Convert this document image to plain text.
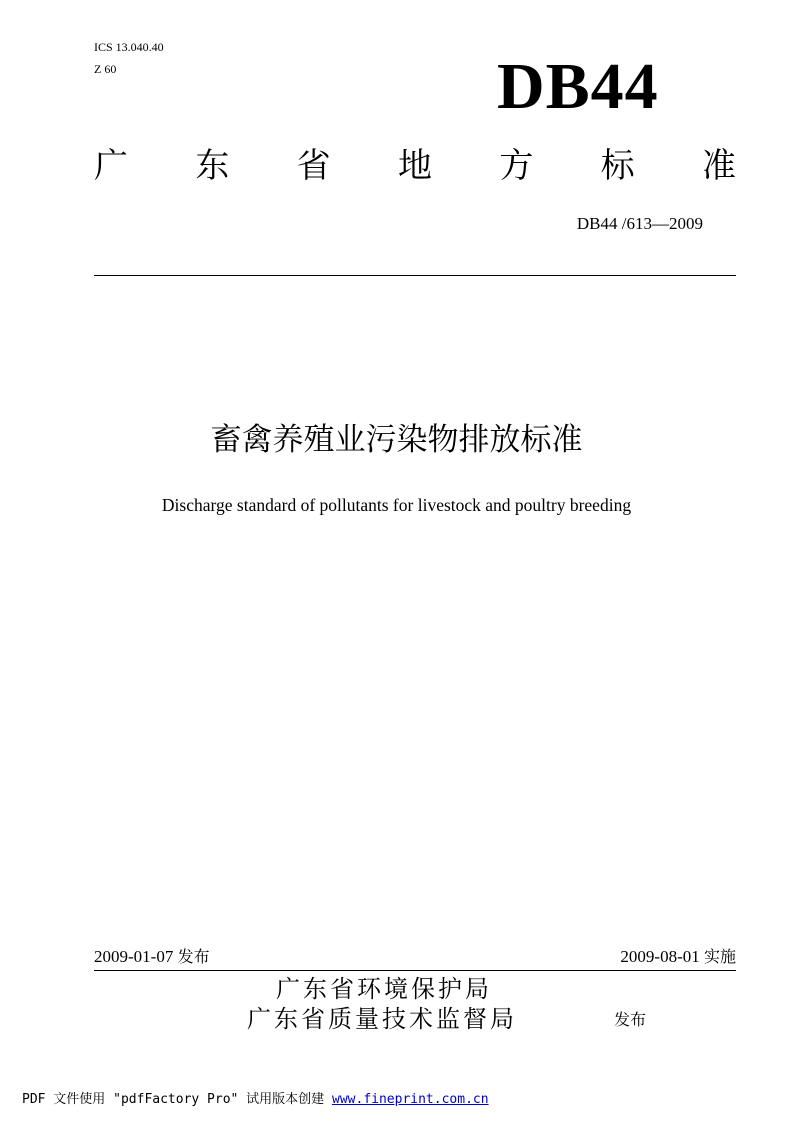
ICS 13.040.40
Z 60	DB44
广 东 省 地 方 标 准
DB44 /613—2009
畜禽养殖业污染物排放标准
Discharge standard of pollutants for livestock and poultry breeding
2009-01-07 发布	2009-08-01 实施
广东省环境保护局
广东省质量技术监督局	发布
PDF 文件使用 "pdfFactory Pro" 试用版本创建 www.fineprint.com.cn
